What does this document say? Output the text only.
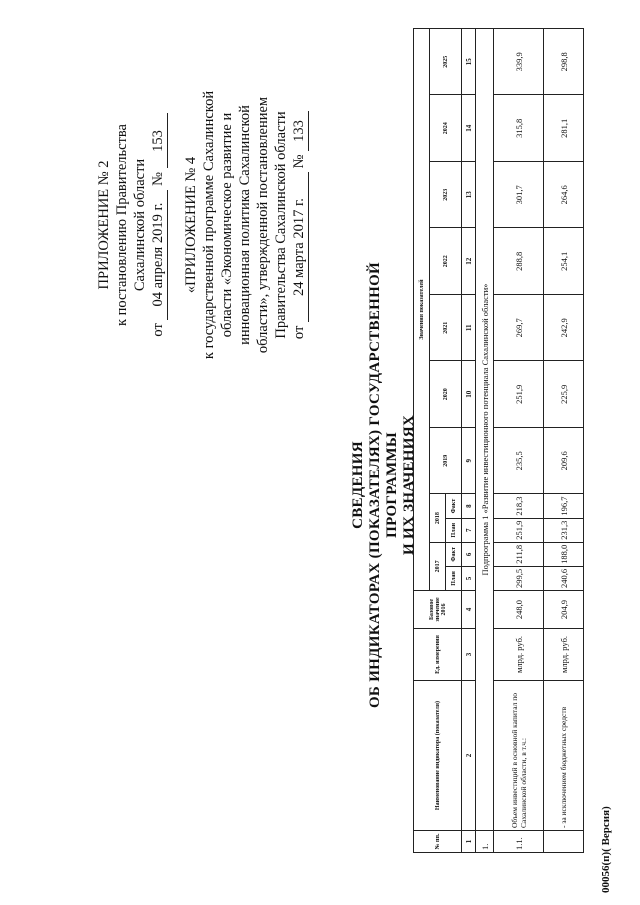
ПРИЛОЖЕНИЕ № 2 к постановлению Правительства Сахалинской области
от 04 апреля 2019 г. № 153
«ПРИЛОЖЕНИЕ № 4 к государственной программе Сахалинской области «Экономическое развитие и инновационная политика Сахалинской области», утвержденной постановлением Правительства Сахалинской области от 24 марта 2017 г. № 133
СВЕДЕНИЯ ОБ ИНДИКАТОРАХ (ПОКАЗАТЕЛЯХ) ГОСУДАРСТВЕННОЙ ПРОГРАММЫ И ИХ ЗНАЧЕНИЯХ
№ пп.	Наименование индикатора (показателя)	Ед. измерения	Базовое значение 2016	Значения показателей										
				2017		2018		2019	2020	2021	2022	2023	2024	2025
				План	Факт	План	Факт							
1	2	3	4	5	6	7	8	9	10	11	12	13	14	15
1.	Подпрограмма 1 «Развитие инвестиционного потенциала Сахалинской области»													
1.1.	Объем инвестиций в основной капитал по Сахалинской области, в т.ч.:	млрд. руб.	248,0	299,5	211,8	251,9	218,3	235,5	251,9	269,7	288,8	301,7	315,8	339,9
	- за исключением бюджетных средств	млрд. руб.	204,9	240,6	188,0	231,3	196,7	209,6	225,9	242,9	254,1	264,6	281,1	298,8
00056(п)( Версия)
